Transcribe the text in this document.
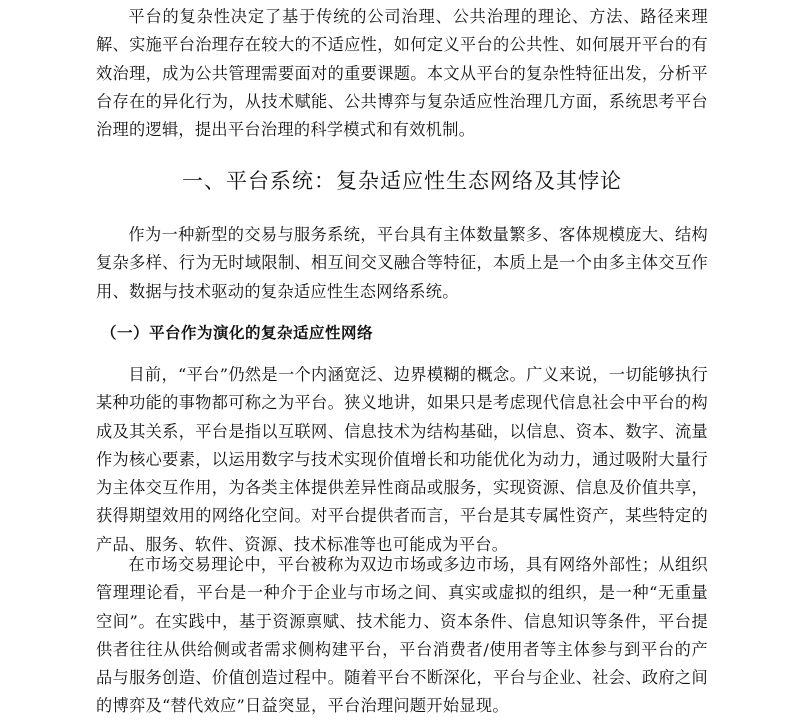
平台的复杂性决定了基于传统的公司治理、公共治理的理论、方法、路径来理解、实施平台治理存在较大的不适应性，如何定义平台的公共性、如何展开平台的有效治理，成为公共管理需要面对的重要课题。本文从平台的复杂性特征出发，分析平台存在的异化行为，从技术赋能、公共博弈与复杂适应性治理几方面，系统思考平台治理的逻辑，提出平台治理的科学模式和有效机制。

一、平台系统：复杂适应性生态网络及其悖论

作为一种新型的交易与服务系统，平台具有主体数量繁多、客体规模庞大、结构复杂多样、行为无时域限制、相互间交叉融合等特征，本质上是一个由多主体交互作用、数据与技术驱动的复杂适应性生态网络系统。

（一）平台作为演化的复杂适应性网络

目前，“平台”仍然是一个内涵宽泛、边界模糊的概念。广义来说，一切能够执行某种功能的事物都可称之为平台。狭义地讲，如果只是考虑现代信息社会中平台的构成及其关系，平台是指以互联网、信息技术为结构基础，以信息、资本、数字、流量作为核心要素，以运用数字与技术实现价值增长和功能优化为动力，通过吸附大量行为主体交互作用，为各类主体提供差异性商品或服务，实现资源、信息及价值共享，获得期望效用的网络化空间。对平台提供者而言，平台是其专属性资产，某些特定的产品、服务、软件、资源、技术标准等也可能成为平台。

在市场交易理论中，平台被称为双边市场或多边市场，具有网络外部性；从组织管理理论看，平台是一种介于企业与市场之间、真实或虚拟的组织，是一种“无重量空间”。在实践中，基于资源禀赋、技术能力、资本条件、信息知识等条件，平台提供者往往从供给侧或者需求侧构建平台，平台消费者/使用者等主体参与到平台的产品与服务创造、价值创造过程中。随着平台不断深化，平台与企业、社会、政府之间的博弈及“替代效应”日益突显，平台治理问题开始显现。
